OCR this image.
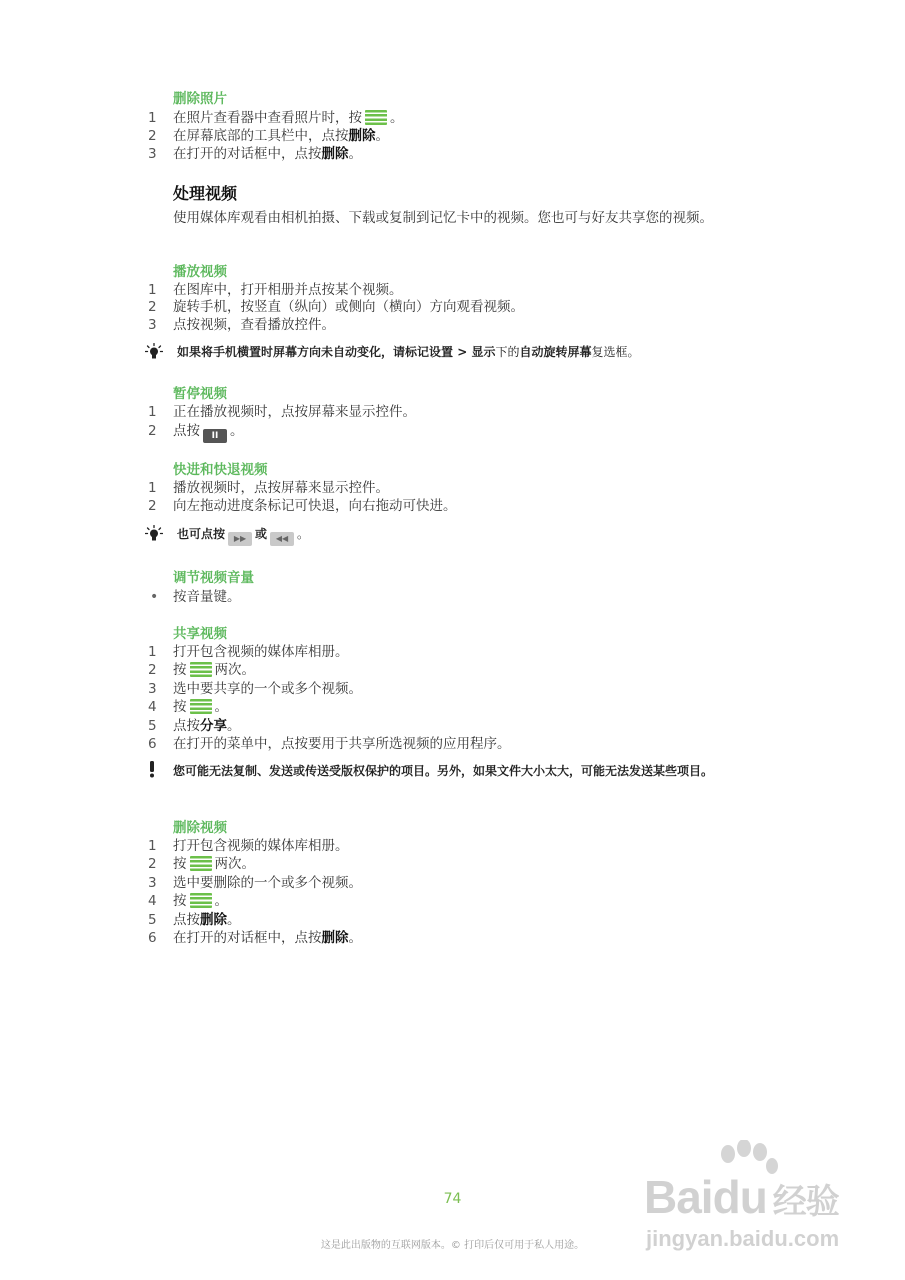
删除照片
1	在照片查看器中查看照片时，按 。
2	在屏幕底部的工具栏中，点按删除。
3	在打开的对话框中，点按删除。
处理视频
使用媒体库观看由相机拍摄、下载或复制到记忆卡中的视频。您也可与好友共享您的视频。
播放视频
1	在图库中，打开相册并点按某个视频。
2	旋转手机，按竖直（纵向）或侧向（横向）方向观看视频。
3	点按视频，查看播放控件。
如果将手机横置时屏幕方向未自动变化，请标记设置 > 显示下的自动旋转屏幕复选框。
暂停视频
1	正在播放视频时，点按屏幕来显示控件。
2	点按 II 。
快进和快退视频
1	播放视频时，点按屏幕来显示控件。
2	向左拖动进度条标记可快退，向右拖动可快进。
也可点按 ▶▶ 或 ◀◀ 。
调节视频音量
• 按音量键。
共享视频
1	打开包含视频的媒体库相册。
2	按 两次。
3	选中要共享的一个或多个视频。
4	按 。
5	点按分享。
6	在打开的菜单中，点按要用于共享所选视频的应用程序。
您可能无法复制、发送或传送受版权保护的项目。另外，如果文件大小太大，可能无法发送某些项目。
删除视频
1	打开包含视频的媒体库相册。
2	按 两次。
3	选中要删除的一个或多个视频。
4	按 。
5	点按删除。
6	在打开的对话框中，点按删除。
74
这是此出版物的互联网版本。© 打印后仅可用于私人用途。
Baidu 经验
jingyan.baidu.com
